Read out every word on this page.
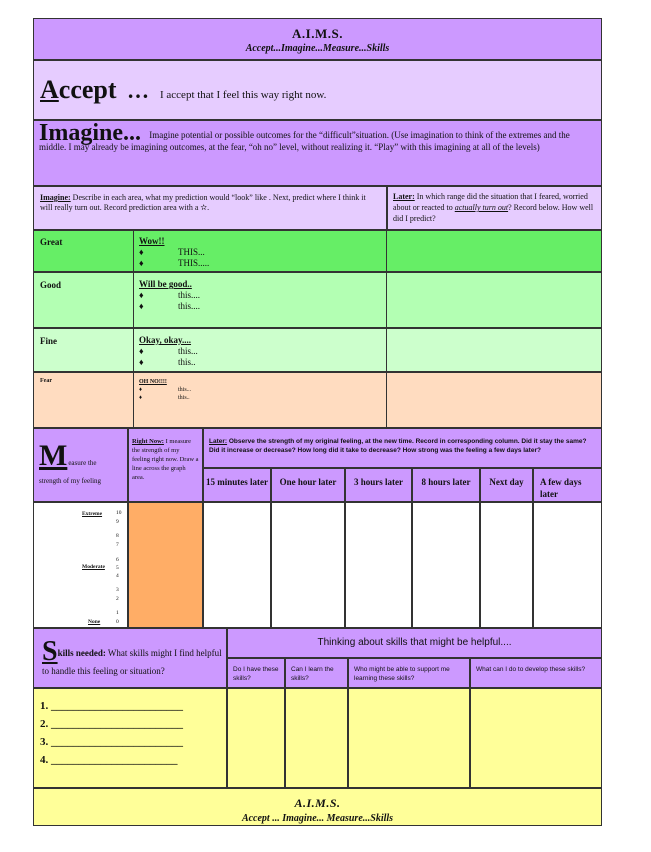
A.I.M.S.
Accept...Imagine...Measure...Skills
Accept … I accept that I feel this way right now.
Imagine... Imagine potential or possible outcomes for the “difficult”situation. (Use imagination to think of the extremes and the middle. I may already be imagining outcomes, at the fear, “oh no” level, without realizing it. “Play” with this imagining at all of the levels)
Imagine: Describe in each area, what my prediction would “look” like . Next, predict where I think it will really turn out. Record prediction area with a ✫.
Later: In which range did the situation that I feared, worried about or reacted to actually turn out? Record below. How well did I predict?
Great	Wow!!
♦	THIS...
♦	THIS.....
Good	Will be good..
♦	this....
♦	this....
Fine	Okay, okay....
♦	this...
♦	this..
Fear	OH NO!!!!
♦	this...
♦	this..
Measure the
strength of my feeling
Right Now: I measure the strength of my feeling right now. Draw a line across the graph area.
Later: Observe the strength of my original feeling, at the new time. Record in corresponding column. Did it stay the same? Did it increase or decrease? How long did it take to decrease? How strong was the feeling a few days later?
15 minutes later	One hour later	3 hours later	8 hours later	Next day	A few days later
Extreme
Moderate
None
10
9
8
7
6
5
4
3
2
1
0
Skills needed: What skills might I find helpful to handle this feeling or situation?
Thinking about skills that might be helpful....
Do I have these skills?
Can I learn the skills?
Who might be able to support me learning these skills?
What can I do to develop these skills?
1. ________________________
2. ________________________
3. ________________________
4. _______________________
A.I.M.S.
Accept ... Imagine... Measure...Skills
